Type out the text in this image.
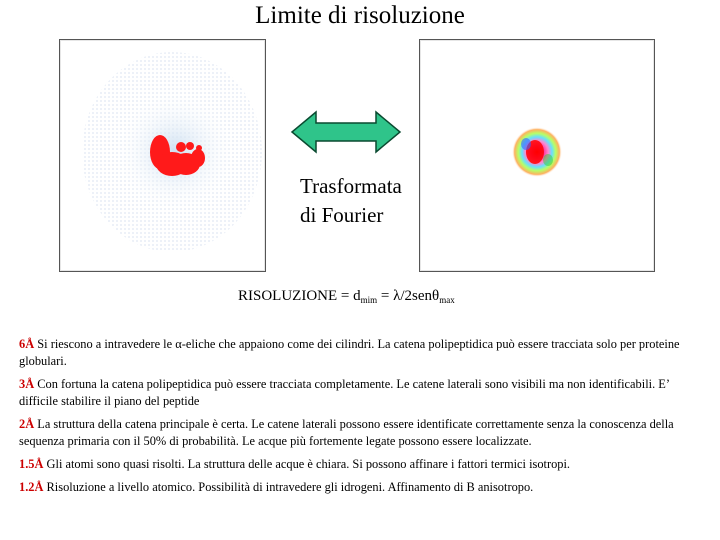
Limite di risoluzione
Trasformata
di Fourier
RISOLUZIONE = $d_{mim} = \lambda/2sen\theta_{max}$

6Å Si riescono a intravedere le α-eliche che appaiono come dei cilindri. La catena polipeptidica può essere tracciata solo per proteine globulari.

3Å Con fortuna la catena polipeptidica può essere tracciata completamente. Le catene laterali sono visibili ma non identificabili. E’ difficile stabilire il piano del peptide

2Å La struttura della catena principale è certa. Le catene laterali possono essere identificate correttamente senza la conoscenza della sequenza primaria con il 50% di probabilità. Le acque più fortemente legate possono essere localizzate.

1.5Å Gli atomi sono quasi risolti. La struttura delle acque è chiara. Si possono affinare i fattori termici isotropi.

1.2Å Risoluzione a livello atomico. Possibilità di intravedere gli idrogeni. Affinamento di B anisotropo.
